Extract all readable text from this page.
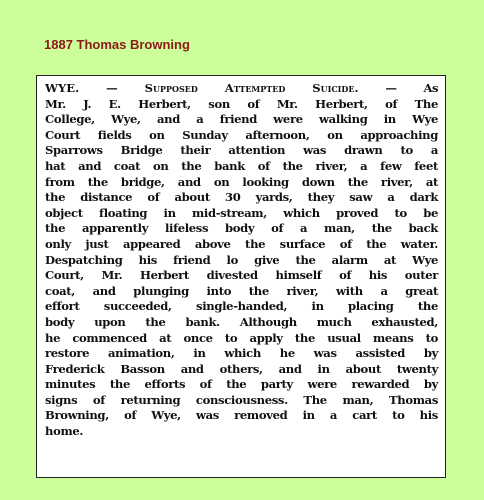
1887 Thomas Browning

WYE. — Supposed Attempted Suicide. — As
Mr. J. E. Herbert, son of Mr. Herbert, of The
College, Wye, and a friend were walking in Wye
Court fields on Sunday afternoon, on approaching
Sparrows Bridge their attention was drawn to a
hat and coat on the bank of the river, a few feet
from the bridge, and on looking down the river, at
the distance of about 30 yards, they saw a dark
object floating in mid-stream, which proved to be
the apparently lifeless body of a man, the back
only just appeared above the surface of the water.
Despatching his friend lo give the alarm at Wye
Court, Mr. Herbert divested himself of his outer
coat, and plunging into the river, with a great
effort succeeded, single-handed, in placing the
body upon the bank. Although much exhausted,
he commenced at once to apply the usual means to
restore animation, in which he was assisted by
Frederick Basson and others, and in about twenty
minutes the efforts of the party were rewarded by
signs of returning consciousness. The man, Thomas
Browning, of Wye, was removed in a cart to his
home.
